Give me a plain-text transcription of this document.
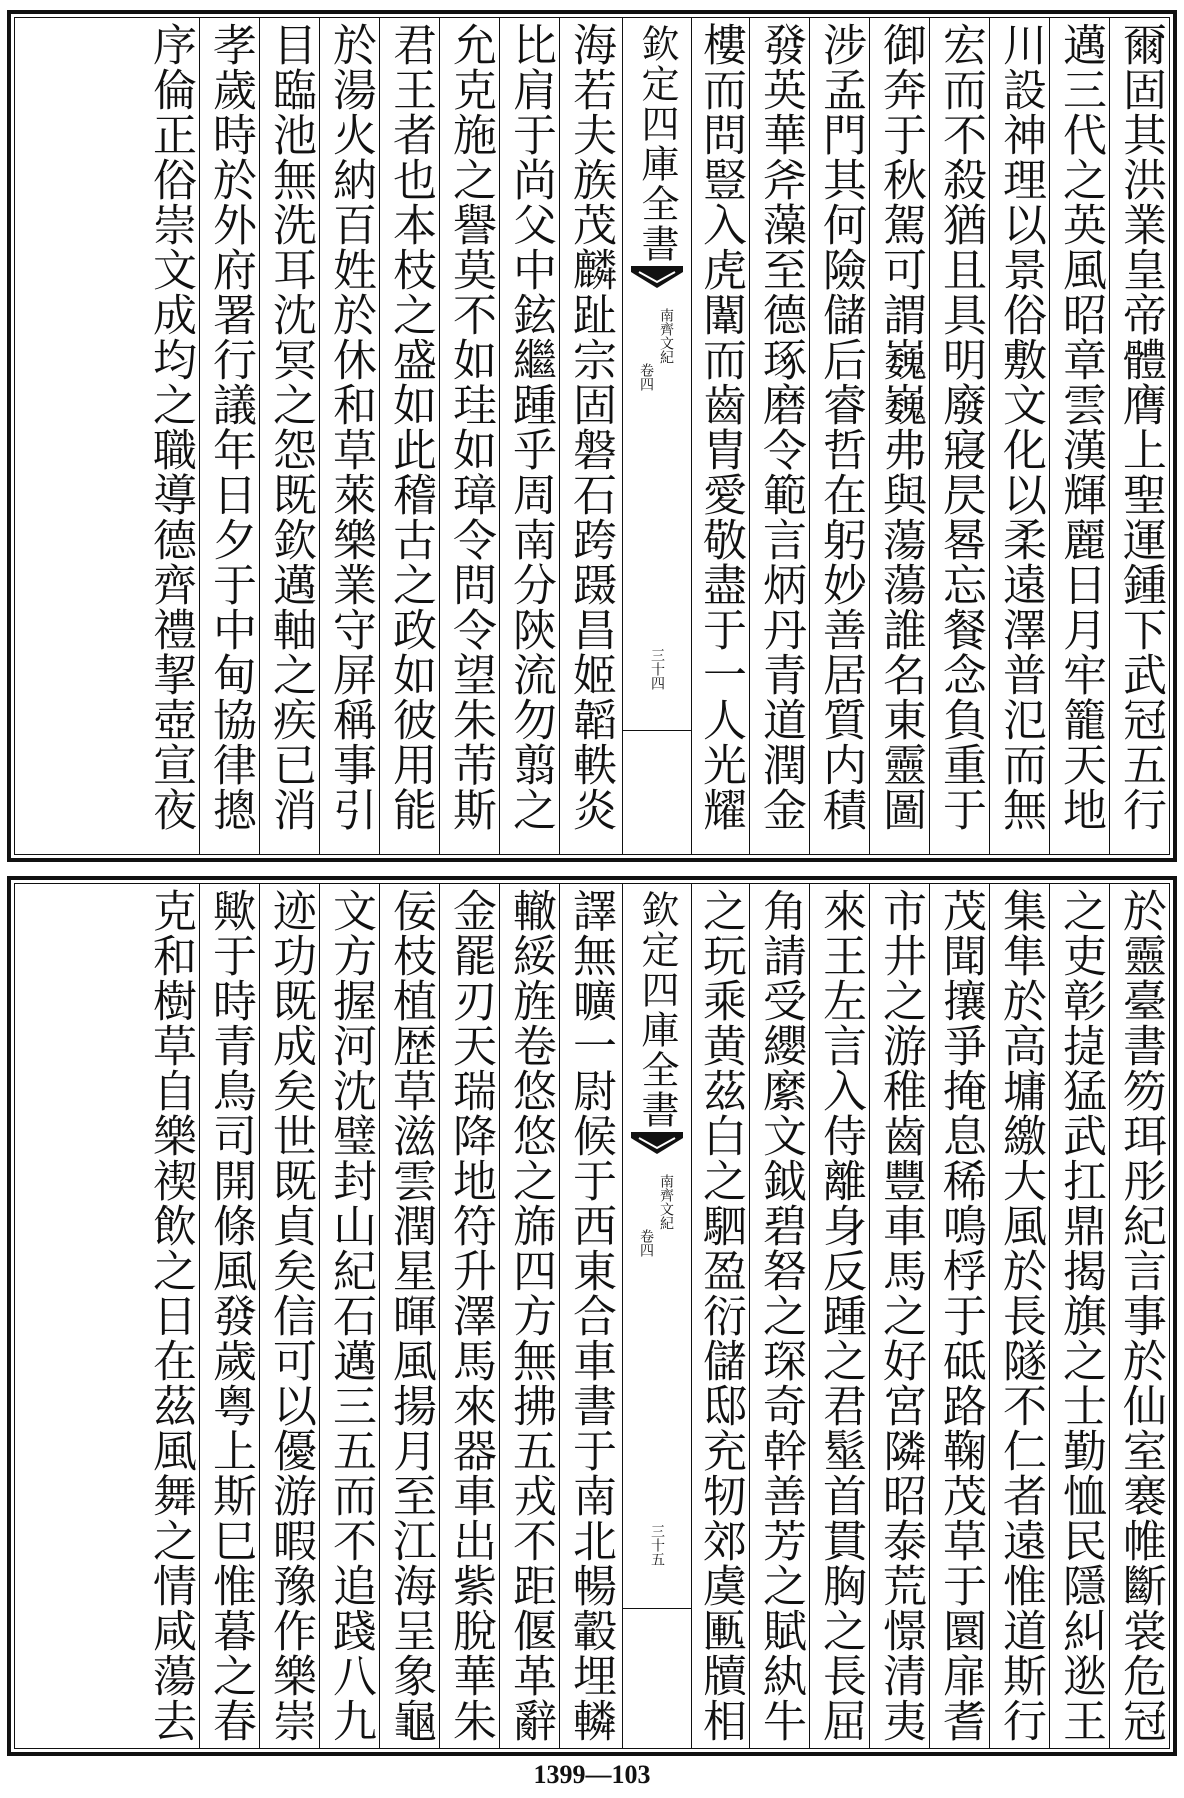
爾固其洪業皇帝體膺上聖運鍾下武冠五行
邁三代之英風昭章雲漢輝麗日月牢籠天地
川設神理以景俗敷文化以柔遠澤普氾而無
宏而不殺猶且具明廢寢昃晷忘餐念負重于
御奔于秋駕可謂巍巍弗與蕩蕩誰名東靈圖
涉孟門其何險儲后睿哲在躬妙善居質内積
發英華斧藻至德琢磨令範言炳丹青道潤金
樓而問豎入虎闈而齒胄愛敬盡于一人光耀
欽定四庫全書
南齊文紀
卷四
三十四
海若夫族茂麟趾宗固磐石跨蹑昌姬韜軼炎
比肩于尚父中鉉繼踵乎周南分陝流勿翦之
允克施之譽莫不如珪如璋令問令望朱芾斯
君王者也本枝之盛如此稽古之政如彼用能
於湯火納百姓於休和草萊樂業守屏稱事引
目臨池無洗耳沈冥之怨既欽邁軸之疾已消
孝歲時於外府署行議年日夕于中甸協律摠
序倫正俗崇文成均之職導德齊禮挈壺宣夜
於靈臺書笏珥彤紀言事於仙室褰帷斷裳危冠
之吏彰㨗猛武扛鼎揭旗之士勤恤民隱糾逖王
集隼於高墉繳大風於長隧不仁者遠惟道斯行
茂聞攘爭掩息稀鳴桴于砥路鞠茂草于圜扉耆
市井之游稚齒豐車馬之好宮隣昭泰荒憬清夷
來王左言入侍離身反踵之君髽首貫胸之長屈
角請受纓縻文鉞碧砮之琛奇幹善芳之賦紈牛
之玩乘黄茲白之駟盈衍儲邸充牣郊虞匭牘相
欽定四庫全書
南齊文紀
卷四
三十五
譯無曠一尉候于西東合車書于南北暢轂埋轔
轍綏旌卷悠悠之旆四方無拂五戎不距偃革辭
金罷刃天瑞降地符升澤馬來器車出紫脫華朱
佞枝植歴草滋雲潤星暉風揚月至江海呈象龜
文方握河沈璧封山紀石邁三五而不追踐八九
迹功既成矣世既貞矣信可以優游暇豫作樂崇
歟于時青鳥司開條風發歲粤上斯巳惟暮之春
克和樹草自樂禊飲之日在茲風舞之情咸蕩去
1399—103
